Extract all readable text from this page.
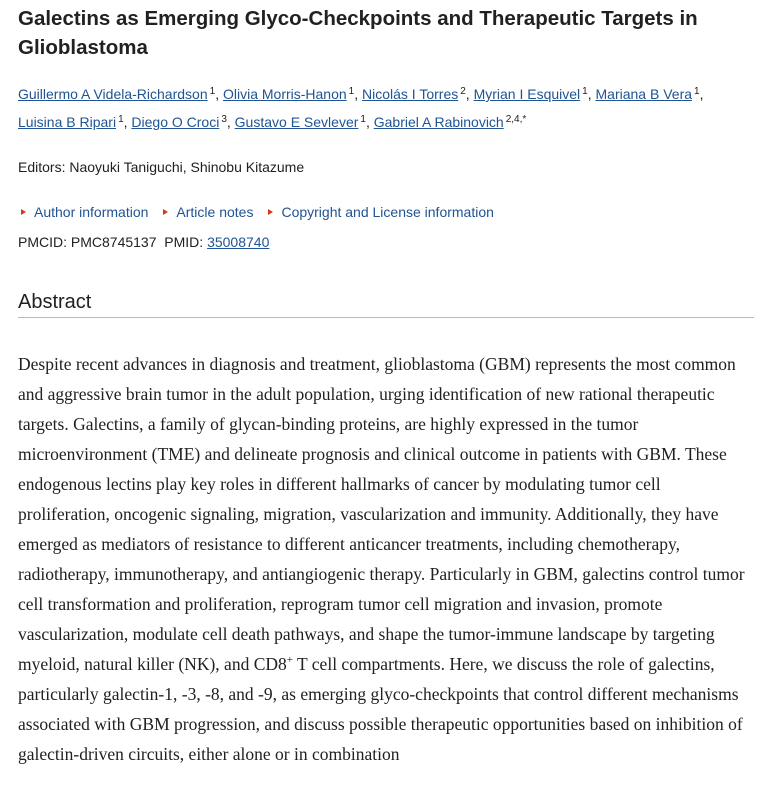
Galectins as Emerging Glyco-Checkpoints and Therapeutic Targets in Glioblastoma
Guillermo A Videla-Richardson $^1$, Olivia Morris-Hanon $^1$, Nicolás I Torres $^2$, Myrian I Esquivel $^1$, Mariana B Vera $^1$,
Luisina B Ripari $^1$, Diego O Croci $^3$, Gustavo E Sevlever $^1$, Gabriel A Rabinovich $^{2,4,*}$
Editors: Naoyuki Taniguchi, Shinobu Kitazume
Author information Article notes Copyright and License information
PMCID: PMC8745137 PMID: 35008740
Abstract

Despite recent advances in diagnosis and treatment, glioblastoma (GBM) represents the most common and aggressive brain tumor in the adult population, urging identification of new rational therapeutic targets. Galectins, a family of glycan-binding proteins, are highly expressed in the tumor microenvironment (TME) and delineate prognosis and clinical outcome in patients with GBM. These endogenous lectins play key roles in different hallmarks of cancer by modulating tumor cell proliferation, oncogenic signaling, migration, vascularization and immunity. Additionally, they have emerged as mediators of resistance to different anticancer treatments, including chemotherapy, radiotherapy, immunotherapy, and antiangiogenic therapy. Particularly in GBM, galectins control tumor cell transformation and proliferation, reprogram tumor cell migration and invasion, promote vascularization, modulate cell death pathways, and shape the tumor-immune landscape by targeting myeloid, natural killer (NK), and CD8+ T cell compartments. Here, we discuss the role of galectins, particularly galectin-1, -3, -8, and -9, as emerging glyco-checkpoints that control different mechanisms associated with GBM progression, and discuss possible therapeutic opportunities based on inhibition of galectin-driven circuits, either alone or in combination
